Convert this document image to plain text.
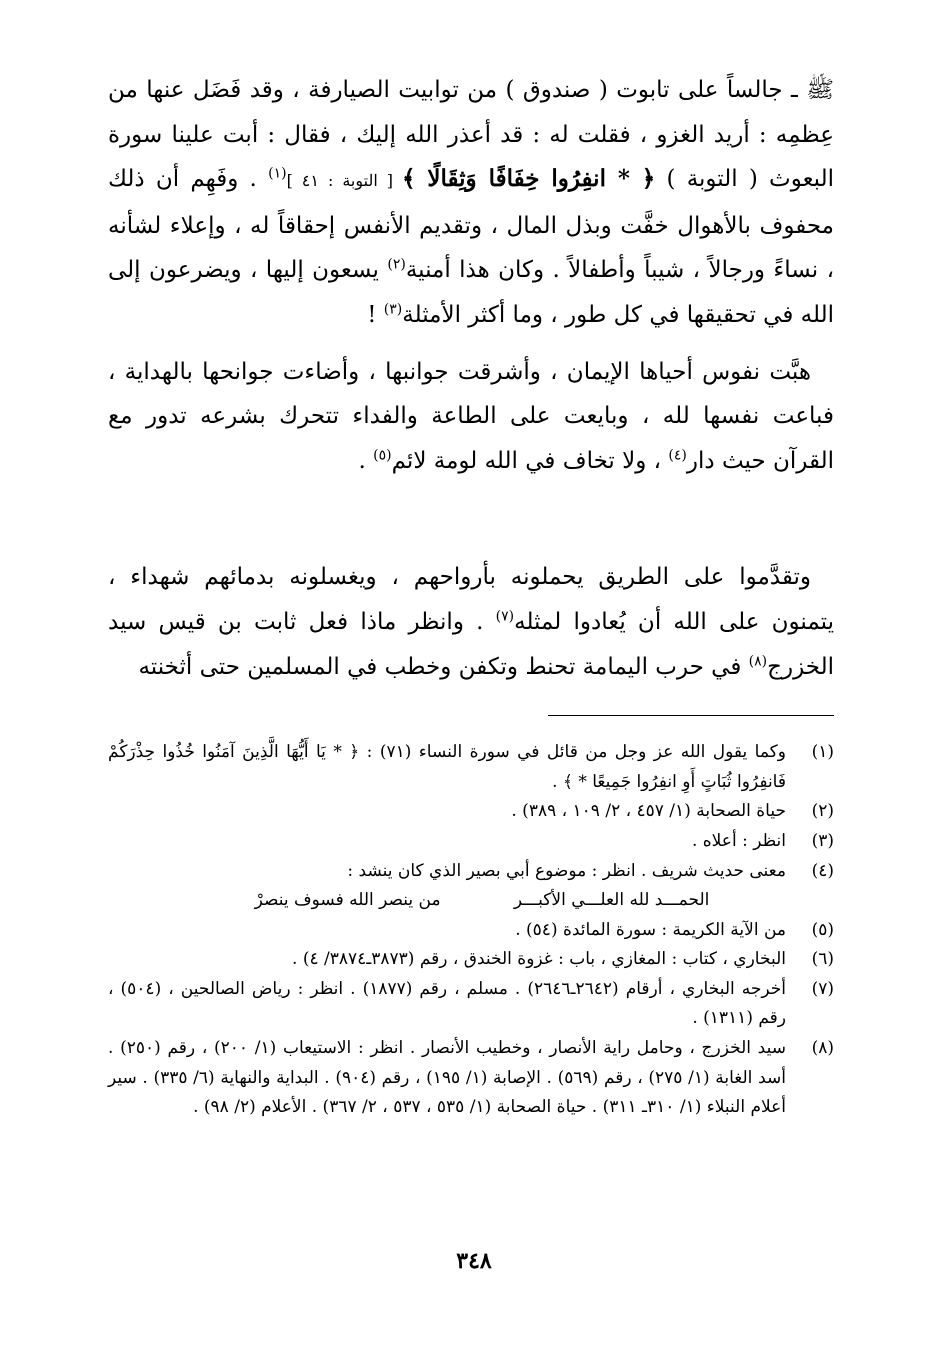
ﷺ ـ جالساً على تابوت ( صندوق ) من توابيت الصيارفة ، وقد فَضَل عنها من عِظمِه : أريد الغزو ، فقلت له : قد أعذر الله إليك ، فقال : أبت علينا سورة البعوث ( التوبة ) ﴿ * انفِرُوا خِفَافًا وَثِقَالًا ﴾ [ التوبة : ٤١ ]$^{(١)}$ . وفَهِم أن ذلك محفوف بالأهوال خفَّت وبذل المال ، وتقديم الأنفس إحقاقاً له ، وإعلاء لشأنه ، نساءً ورجالاً ، شيباً وأطفالاً . وكان هذا أمنية$^{(٢)}$ يسعون إليها ، ويضرعون إلى الله في تحقيقها في كل طور ، وما أكثر الأمثلة$^{(٣)}$ !

 هبَّت نفوس أحياها الإيمان ، وأشرقت جوانبها ، وأضاءت جوانحها بالهداية ، فباعت نفسها لله ، وبايعت على الطاعة والفداء تتحرك بشرعه تدور مع القرآن حيث دار$^{(٤)}$ ، ولا تخاف في الله لومة لائم$^{(٥)}$ .

 وتقدَّموا على الطريق يحملونه بأرواحهم ، ويغسلونه بدمائهم شهداء ، يتمنون على الله أن يُعادوا لمثله$^{(٧)}$ . وانظر ماذا فعل ثابت بن قيس سيد الخزرج$^{(٨)}$ في حرب اليمامة تحنط وتكفن وخطب في المسلمين حتى أثخنته

(١)
وكما يقول الله عز وجل من قائل في سورة النساء (٧١) : ﴿ * يَا أَيُّهَا الَّذِينَ آمَنُوا خُذُوا حِذْرَكُمْ فَانفِرُوا ثُبَاتٍ أَوِ انفِرُوا جَمِيعًا * ﴾ .
(٢)
حياة الصحابة (١/ ٤٥٧ ، ٢/ ١٠٩ ، ٣٨٩) .
(٣)
انظر : أعلاه .
(٤)
معنى حديث شريف . انظر : موضوع أبي بصير الذي كان ينشد :
الحمـــد لله العلـــي الأكبـــر
من ينصر الله فسوف ينصرْ
(٥)
من الآية الكريمة : سورة المائدة (٥٤) .
(٦)
البخاري ، كتاب : المغازي ، باب : غزوة الخندق ، رقم (٣٨٧٣ـ٣٨٧٤/ ٤) .
(٧)
أخرجه البخاري ، أرقام (٢٦٤٢ـ٢٦٤٦) . مسلم ، رقم (١٨٧٧) . انظر : رياض الصالحين ، (٥٠٤) ، رقم (١٣١١) .
(٨)
سيد الخزرج ، وحامل راية الأنصار ، وخطيب الأنصار . انظر : الاستيعاب (١/ ٢٠٠) ، رقم (٢٥٠) . أسد الغابة (١/ ٢٧٥) ، رقم (٥٦٩) . الإصابة (١/ ١٩٥) ، رقم (٩٠٤) . البداية والنهاية (٦/ ٣٣٥) . سير أعلام النبلاء (١/ ٣١٠ـ ٣١١) . حياة الصحابة (١/ ٥٣٥ ، ٥٣٧ ، ٢/ ٣٦٧) . الأعلام (٢/ ٩٨) .
٣٤٨
